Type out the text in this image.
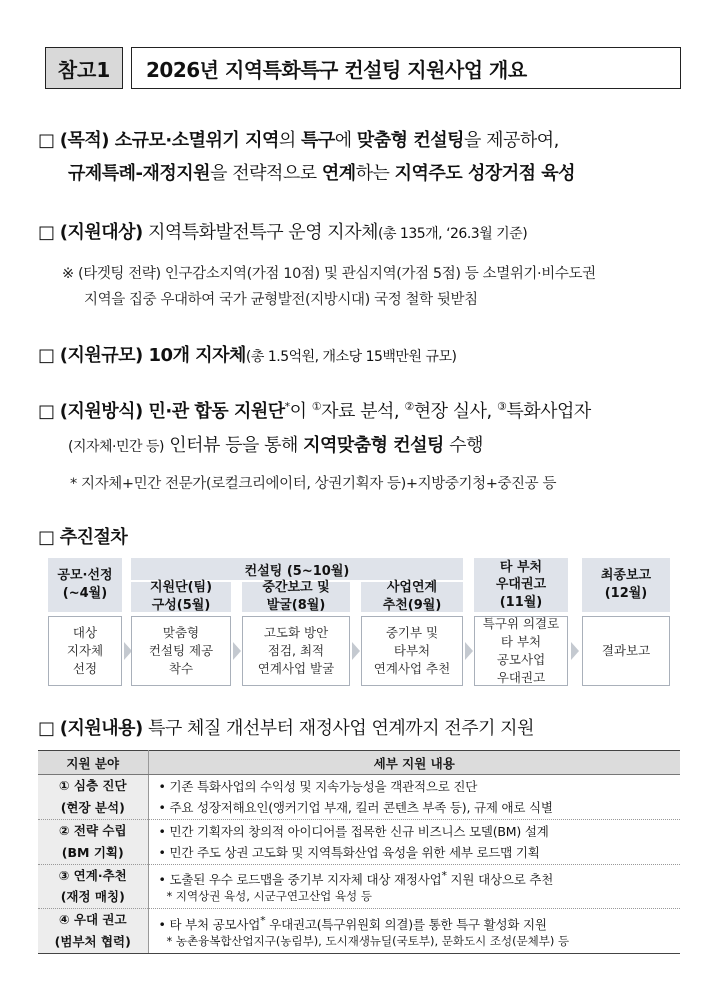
참고1	2026년 지역특화특구 컨설팅 지원사업 개요
□ (목적) 소규모·소멸위기 지역의 특구에 맞춤형 컨설팅을 제공하여,
규제특례-재정지원을 전략적으로 연계하는 지역주도 성장거점 육성
□ (지원대상) 지역특화발전특구 운영 지자체(총 135개, ‘26.3월 기준)
※ (타겟팅 전략) 인구감소지역(가점 10점) 및 관심지역(가점 5점) 등 소멸위기·비수도권
지역을 집중 우대하여 국가 균형발전(지방시대) 국정 철학 뒷받침
□ (지원규모) 10개 지자체(총 1.5억원, 개소당 15백만원 규모)
□ (지원방식) 민·관 합동 지원단*이 ①자료 분석, ②현장 실사, ③특화사업자
(지자체·민간 등) 인터뷰 등을 통해 지역맞춤형 컨설팅 수행
* 지자체+민간 전문가(로컬크리에이터, 상권기획자 등)+지방중기청+중진공 등
□ 추진절차
컨설팅 (5~10월)
공모·선정
(~4월)
대상
지자체
선정
지원단(팀)
구성(5월)
맞춤형
컨설팅 제공
착수
중간보고 및
발굴(8월)
고도화 방안
점검, 최적
연계사업 발굴
사업연계
추천(9월)
중기부 및
타부처
연계사업 추천
타 부처
우대권고
(11월)
특구위 의결로
타 부처
공모사업
우대권고
최종보고
(12월)
결과보고
□ (지원내용) 특구 체질 개선부터 재정사업 연계까지 전주기 지원
지원 분야	세부 지원 내용
① 심층 진단
(현장 분석)	• 기존 특화사업의 수익성 및 지속가능성을 객관적으로 진단
• 주요 성장저해요인(앵커기업 부재, 킬러 콘텐츠 부족 등), 규제 애로 식별

② 전략 수립
(BM 기획)	• 민간 기획자의 창의적 아이디어를 접목한 신규 비즈니스 모델(BM) 설계
• 민간 주도 상권 고도화 및 지역특화산업 육성을 위한 세부 로드맵 기획

③ 연계·추천
(재정 매칭)	• 도출된 우수 로드맵을 중기부 지자체 대상 재정사업* 지원 대상으로 추천
* 지역상권 육성, 시군구연고산업 육성 등

④ 우대 권고
(범부처 협력)	• 타 부처 공모사업* 우대권고(특구위원회 의결)를 통한 특구 활성화 지원
* 농촌융복합산업지구(농림부), 도시재생뉴딜(국토부), 문화도시 조성(문체부) 등
